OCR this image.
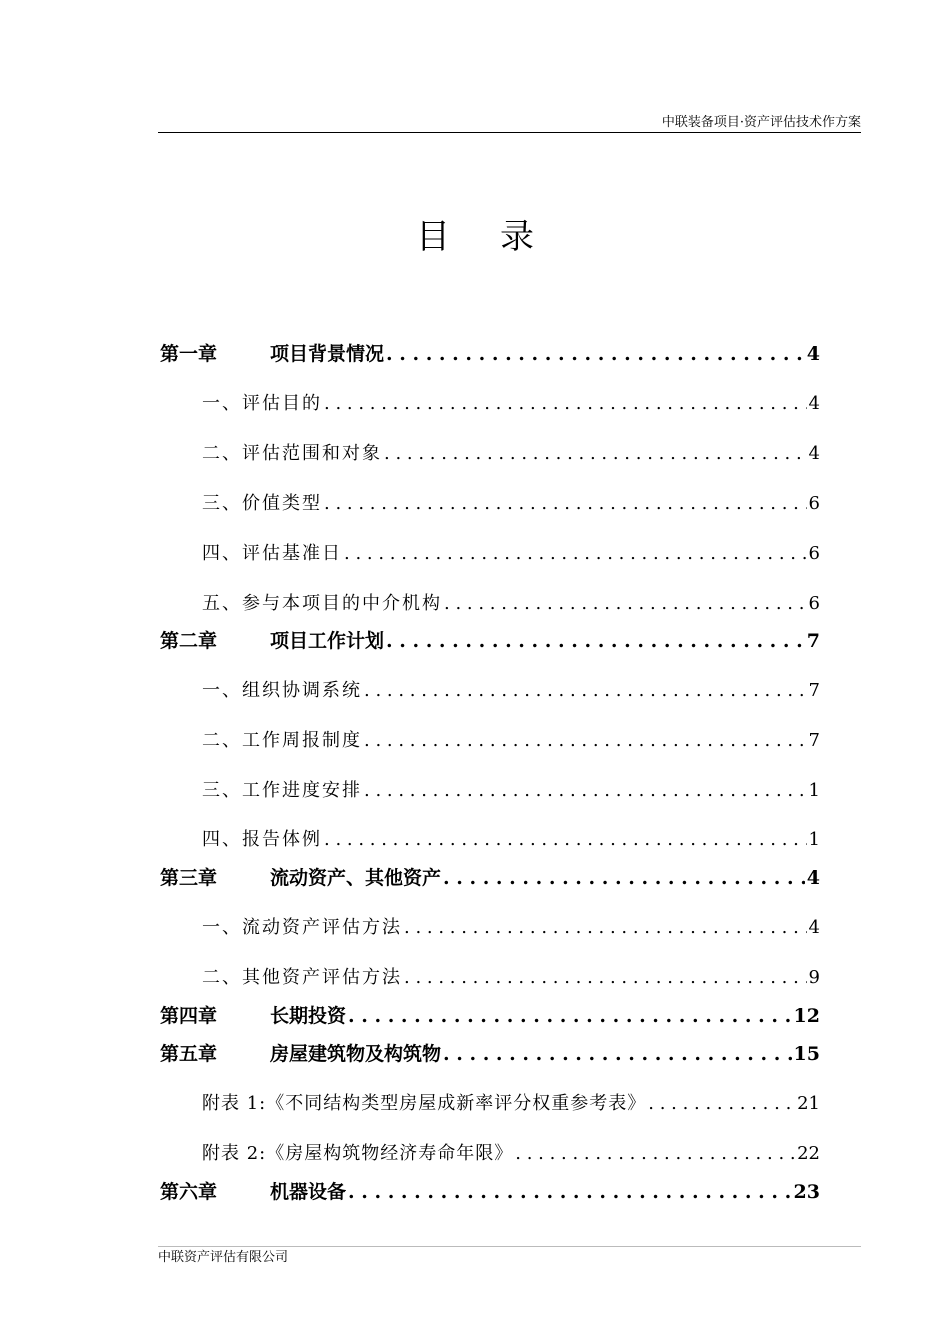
中联装备项目·资产评估技术作方案
目录
第一章	项目背景情况 . . .	4
一、评估目的 . . .	4
二、评估范围和对象 . . .	4
三、价值类型 . . .	6
四、评估基准日 . . .	6
五、参与本项目的中介机构 . . .	6
第二章	项目工作计划 . . .	7
一、组织协调系统 . . .	7
二、工作周报制度 . . .	7
三、工作进度安排 . . .	1
四、报告体例 . . .	1
第三章	流动资产、其他资产 . . .	4
一、流动资产评估方法 . . .	4
二、其他资产评估方法 . . .	9
第四章	长期投资 . . .	12
第五章	房屋建筑物及构筑物 . . .	15
附表 1:《不同结构类型房屋成新率评分权重参考表》 . . .	21
附表 2:《房屋构筑物经济寿命年限》 . . .	22
第六章	机器设备 . . .	23
中联资产评估有限公司
